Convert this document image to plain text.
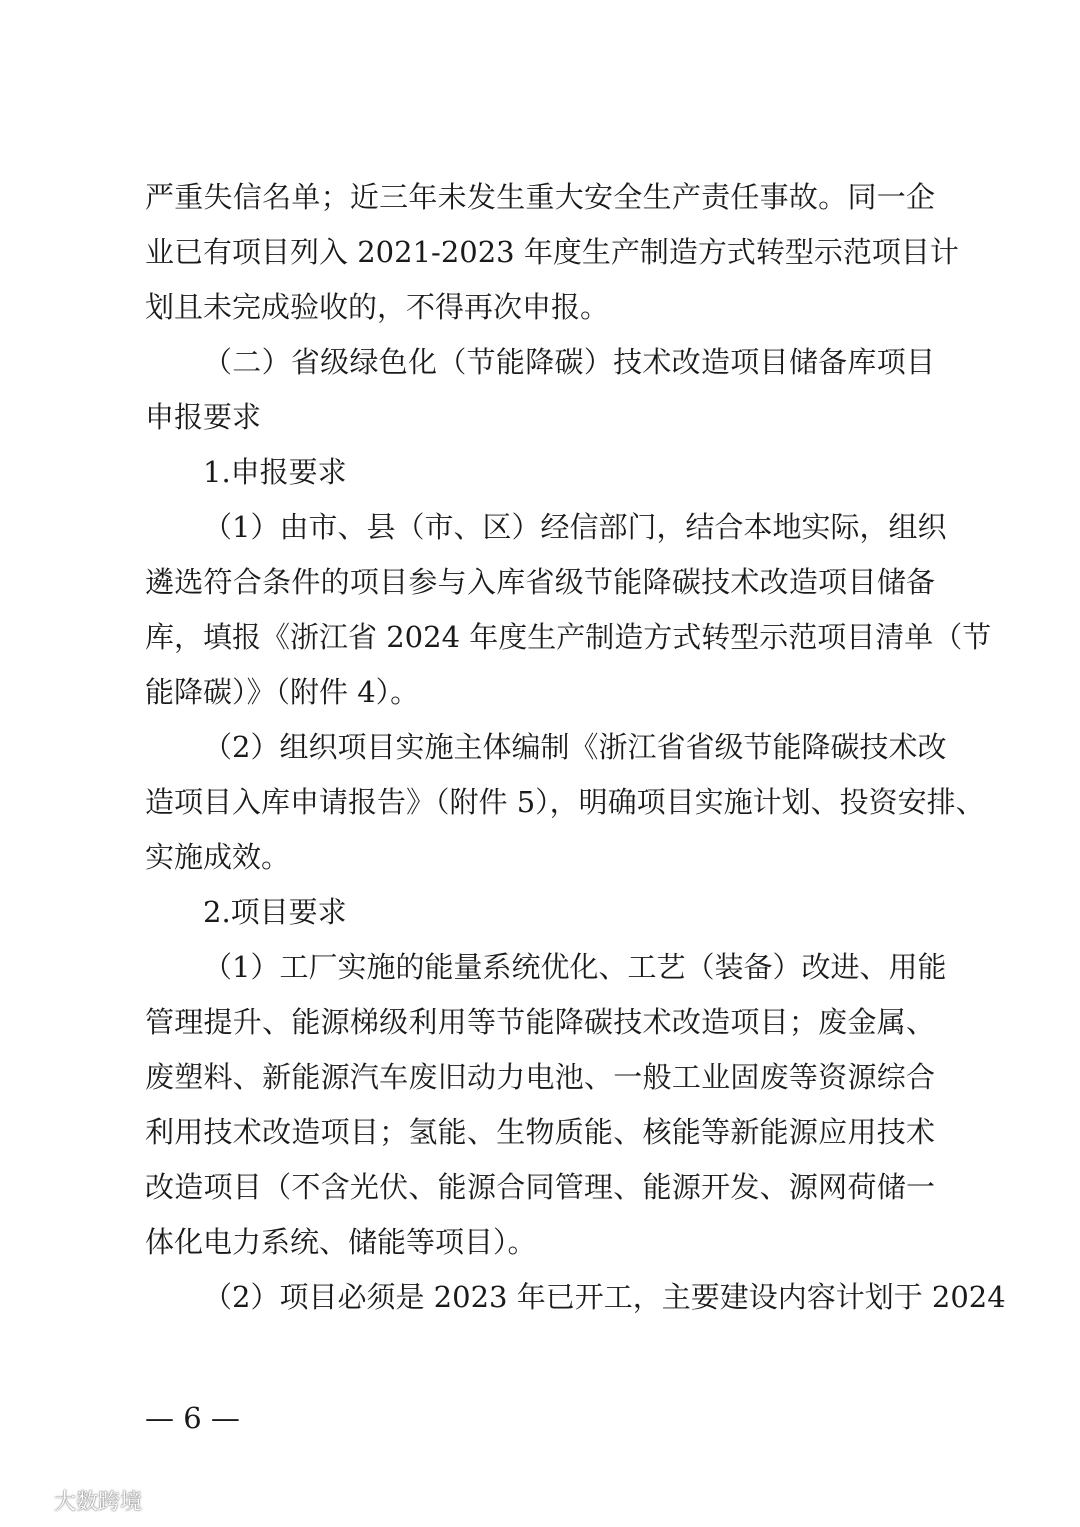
严重失信名单；近三年未发生重大安全生产责任事故。同一企
业已有项目列入 2021-2023 年度生产制造方式转型示范项目计
划且未完成验收的，不得再次申报。
（二）省级绿色化（节能降碳）技术改造项目储备库项目
申报要求
1.申报要求
（1）由市、县（市、区）经信部门，结合本地实际，组织
遴选符合条件的项目参与入库省级节能降碳技术改造项目储备
库，填报《浙江省 2024 年度生产制造方式转型示范项目清单（节
能降碳）》（附件 4）。
（2）组织项目实施主体编制《浙江省省级节能降碳技术改
造项目入库申请报告》（附件 5），明确项目实施计划、投资安排、
实施成效。
2.项目要求
（1）工厂实施的能量系统优化、工艺（装备）改进、用能
管理提升、能源梯级利用等节能降碳技术改造项目；废金属、
废塑料、新能源汽车废旧动力电池、一般工业固废等资源综合
利用技术改造项目；氢能、生物质能、核能等新能源应用技术
改造项目（不含光伏、能源合同管理、能源开发、源网荷储一
体化电力系统、储能等项目）。
（2）项目必须是 2023 年已开工，主要建设内容计划于 2024
— 6 —
大数跨境
